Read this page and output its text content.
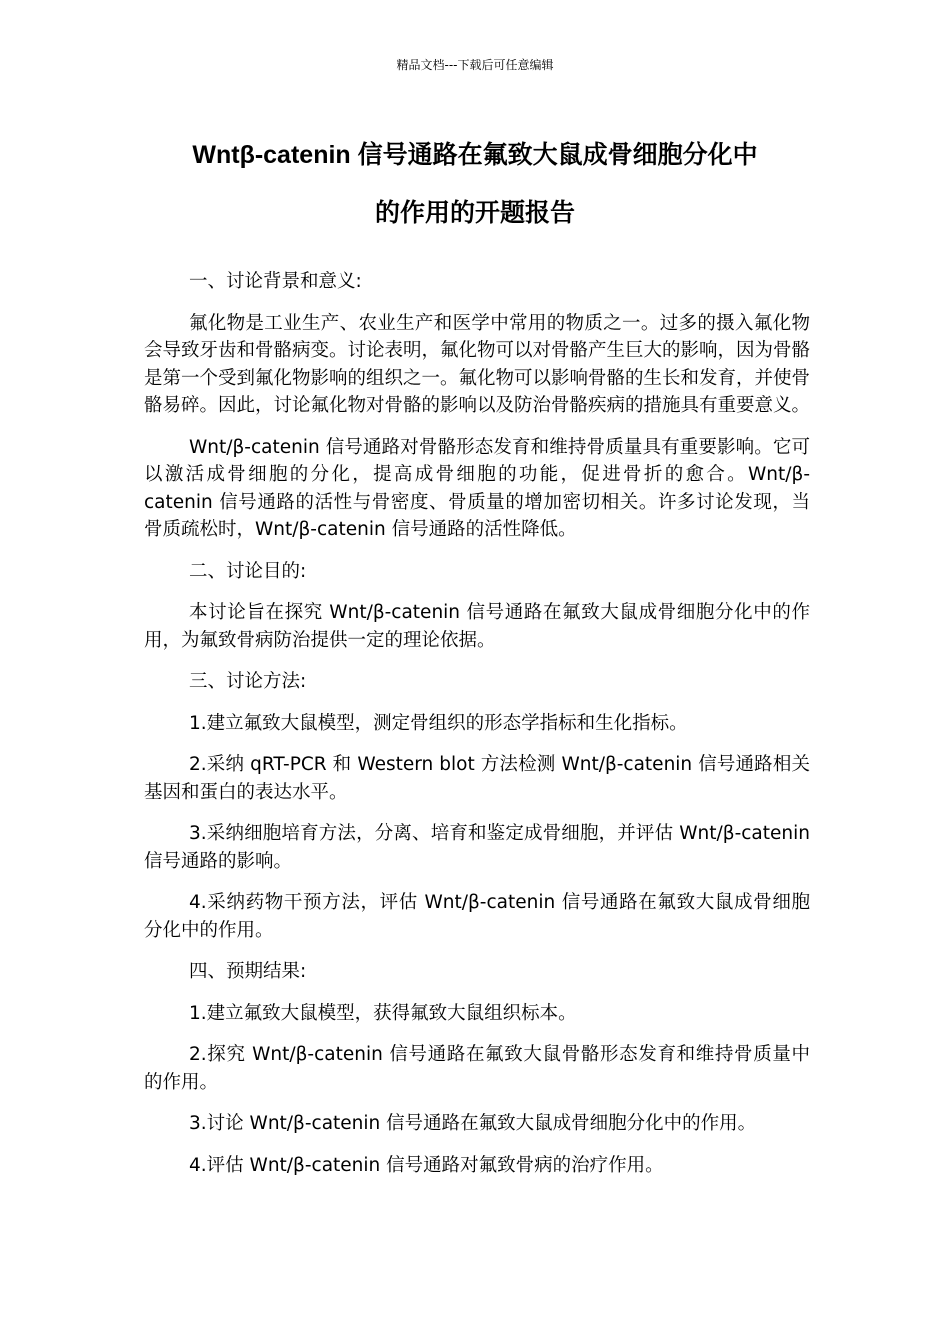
精品文档---下载后可任意编辑
Wntβ-catenin 信号通路在氟致大鼠成骨细胞分化中
的作用的开题报告

一、讨论背景和意义:

氟化物是工业生产、农业生产和医学中常用的物质之一。过多的摄入氟化物会导致牙齿和骨骼病变。讨论表明，氟化物可以对骨骼产生巨大的影响，因为骨骼是第一个受到氟化物影响的组织之一。氟化物可以影响骨骼的生长和发育，并使骨骼易碎。因此，讨论氟化物对骨骼的影响以及防治骨骼疾病的措施具有重要意义。

Wnt/β-catenin 信号通路对骨骼形态发育和维持骨质量具有重要影响。它可以激活成骨细胞的分化，提高成骨细胞的功能，促进骨折的愈合。Wnt/β-catenin 信号通路的活性与骨密度、骨质量的增加密切相关。许多讨论发现，当骨质疏松时，Wnt/β-catenin 信号通路的活性降低。

二、讨论目的:

本讨论旨在探究 Wnt/β-catenin 信号通路在氟致大鼠成骨细胞分化中的作用，为氟致骨病防治提供一定的理论依据。

三、讨论方法:

1.建立氟致大鼠模型，测定骨组织的形态学指标和生化指标。

2.采纳 qRT-PCR 和 Western blot 方法检测 Wnt/β-catenin 信号通路相关基因和蛋白的表达水平。

3.采纳细胞培育方法，分离、培育和鉴定成骨细胞，并评估 Wnt/β-catenin 信号通路的影响。

4.采纳药物干预方法，评估 Wnt/β-catenin 信号通路在氟致大鼠成骨细胞分化中的作用。

四、预期结果:

1.建立氟致大鼠模型，获得氟致大鼠组织标本。

2.探究 Wnt/β-catenin 信号通路在氟致大鼠骨骼形态发育和维持骨质量中的作用。

3.讨论 Wnt/β-catenin 信号通路在氟致大鼠成骨细胞分化中的作用。

4.评估 Wnt/β-catenin 信号通路对氟致骨病的治疗作用。
